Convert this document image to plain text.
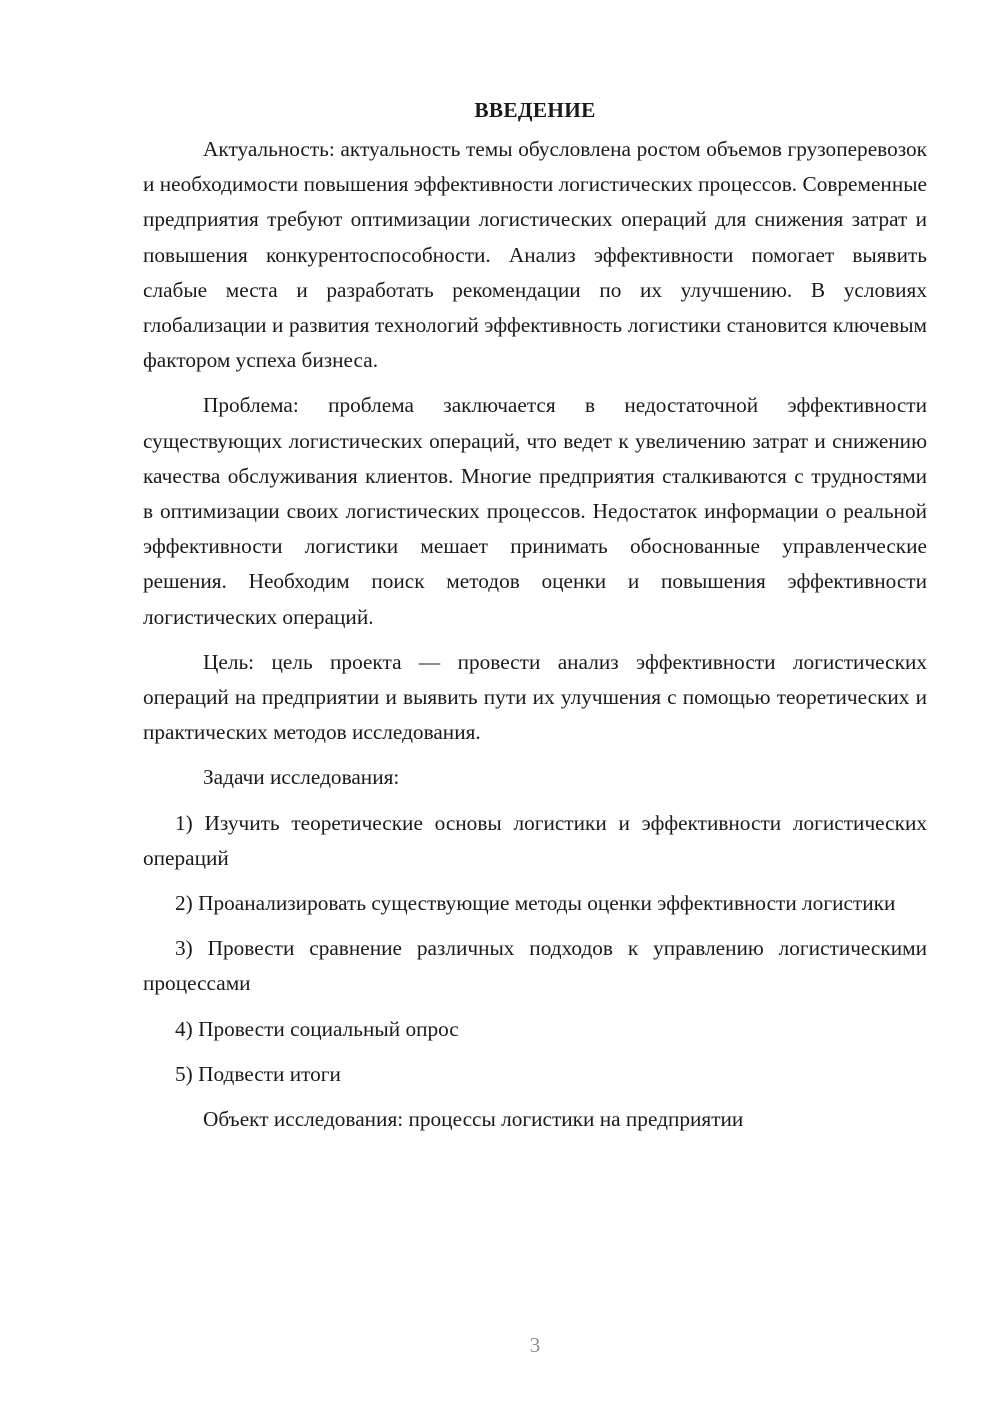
ВВЕДЕНИЕ

Актуальность: актуальность темы обусловлена ростом объемов грузоперевозок и необходимости повышения эффективности логистических процессов. Современные предприятия требуют оптимизации логистических операций для снижения затрат и повышения конкурентоспособности. Анализ эффективности помогает выявить слабые места и разработать рекомендации по их улучшению. В условиях глобализации и развития технологий эффективность логистики становится ключевым фактором успеха бизнеса.

Проблема: проблема заключается в недостаточной эффективности существующих логистических операций, что ведет к увеличению затрат и снижению качества обслуживания клиентов. Многие предприятия сталкиваются с трудностями в оптимизации своих логистических процессов. Недостаток информации о реальной эффективности логистики мешает принимать обоснованные управленческие решения. Необходим поиск методов оценки и повышения эффективности логистических операций.

Цель: цель проекта — провести анализ эффективности логистических операций на предприятии и выявить пути их улучшения с помощью теоретических и практических методов исследования.

Задачи исследования:

1) Изучить теоретические основы логистики и эффективности логистических операций

2) Проанализировать существующие методы оценки эффективности логистики

3) Провести сравнение различных подходов к управлению логистическими процессами

4) Провести социальный опрос

5) Подвести итоги

Объект исследования: процессы логистики на предприятии

3
